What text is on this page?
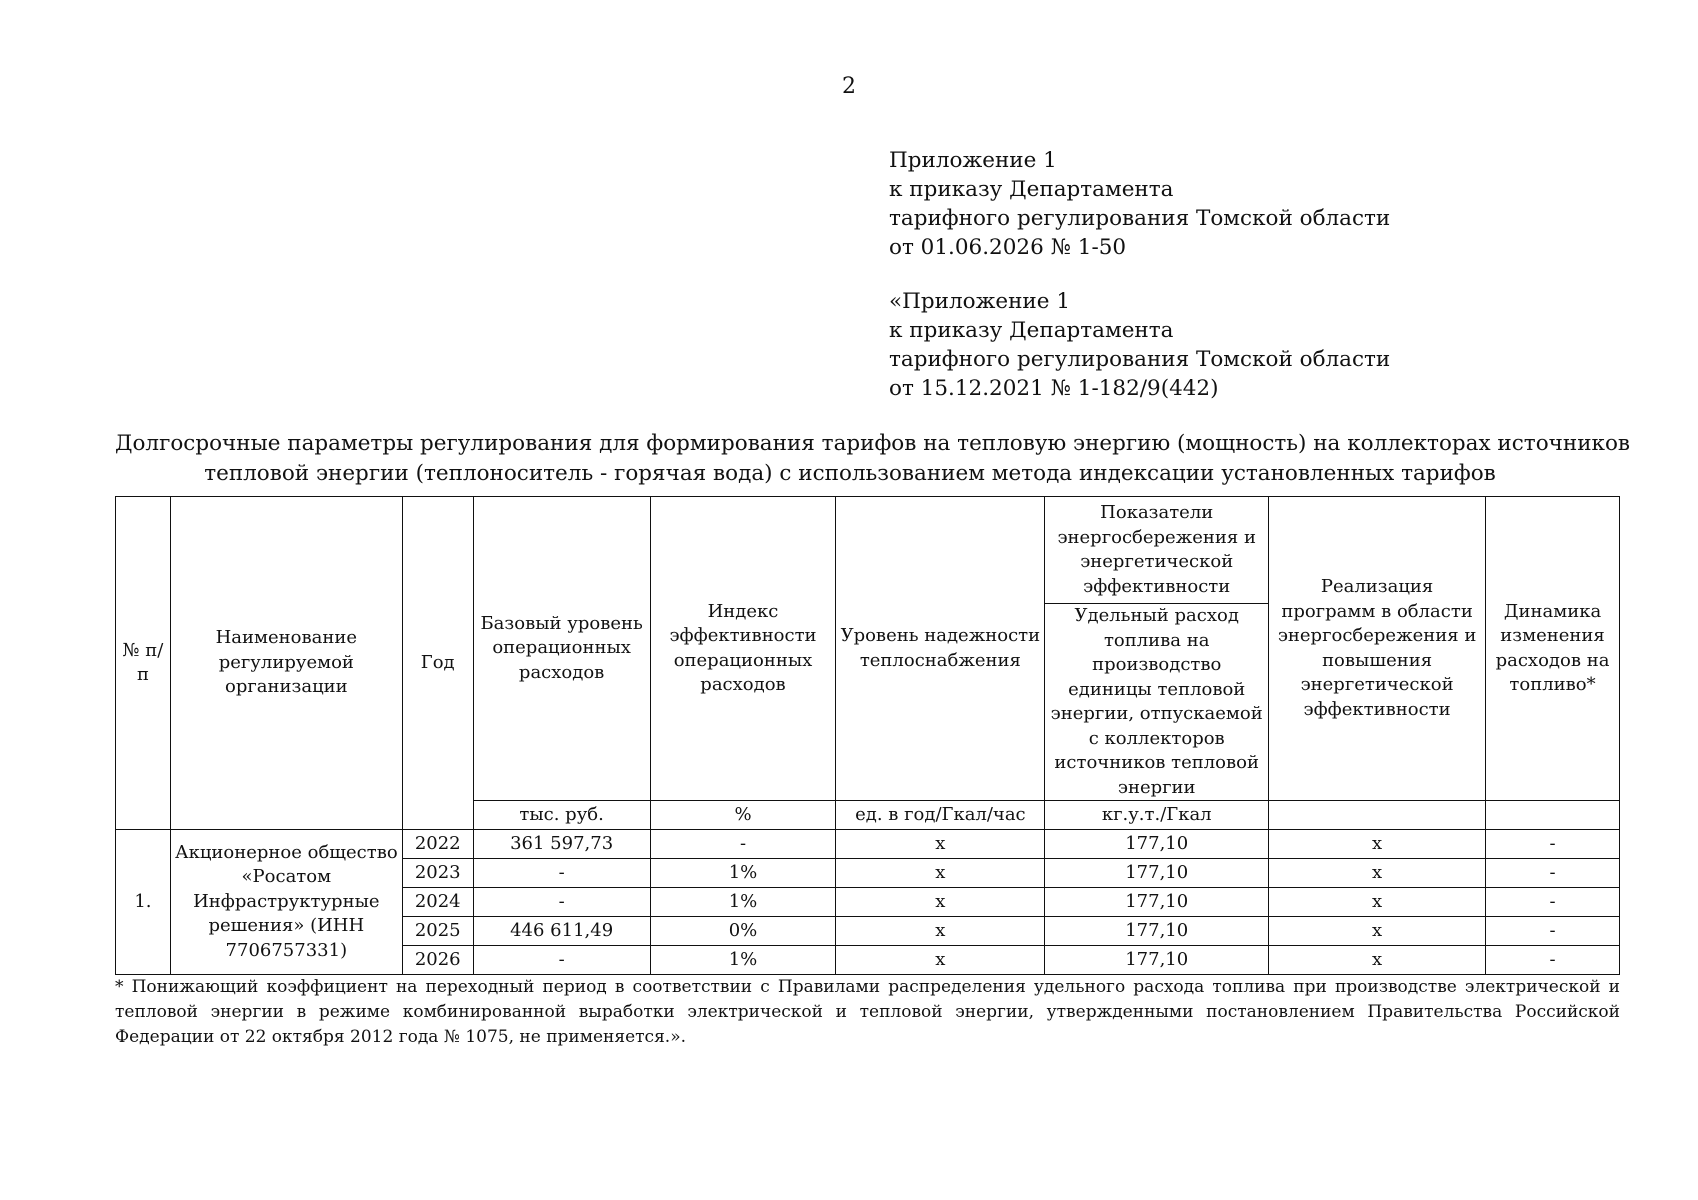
2
Приложение 1
к приказу Департамента
тарифного регулирования Томской области
от 01.06.2026 № 1-50
«Приложение 1
к приказу Департамента
тарифного регулирования Томской области
от 15.12.2021 № 1-182/9(442)
Долгосрочные параметры регулирования для формирования тарифов на тепловую энергию (мощность) на коллекторах источников
тепловой энергии (теплоноситель - горячая вода) с использованием метода индексации установленных тарифов
№ п/п	Наименование регулируемой организации	Год	Базовый уровень операционных расходов	Индекс эффективности операционных расходов	Уровень надежности теплоснабжения	Показатели энергосбережения и энергетической эффективности	Реализация программ в области энергосбережения и повышения энергетической эффективности	Динамика изменения расходов на топливо*
						Удельный расход топлива на производство единицы тепловой энергии, отпускаемой с коллекторов источников тепловой энергии		
			тыс. руб.	%	ед. в год/Гкал/час	кг.у.т./Гкал		
1.	Акционерное общество «Росатом Инфраструктурные решения» (ИНН 7706757331)	2022	361 597,73	-	x	177,10	x	-
		2023	-	1%	x	177,10	x	-
		2024	-	1%	x	177,10	x	-
		2025	446 611,49	0%	x	177,10	x	-
		2026	-	1%	x	177,10	x	-
* Понижающий коэффициент на переходный период в соответствии с Правилами распределения удельного расхода топлива при производстве электрической и тепловой энергии в режиме комбинированной выработки электрической и тепловой энергии, утвержденными постановлением Правительства Российской Федерации от 22 октября 2012 года № 1075, не применяется.».
